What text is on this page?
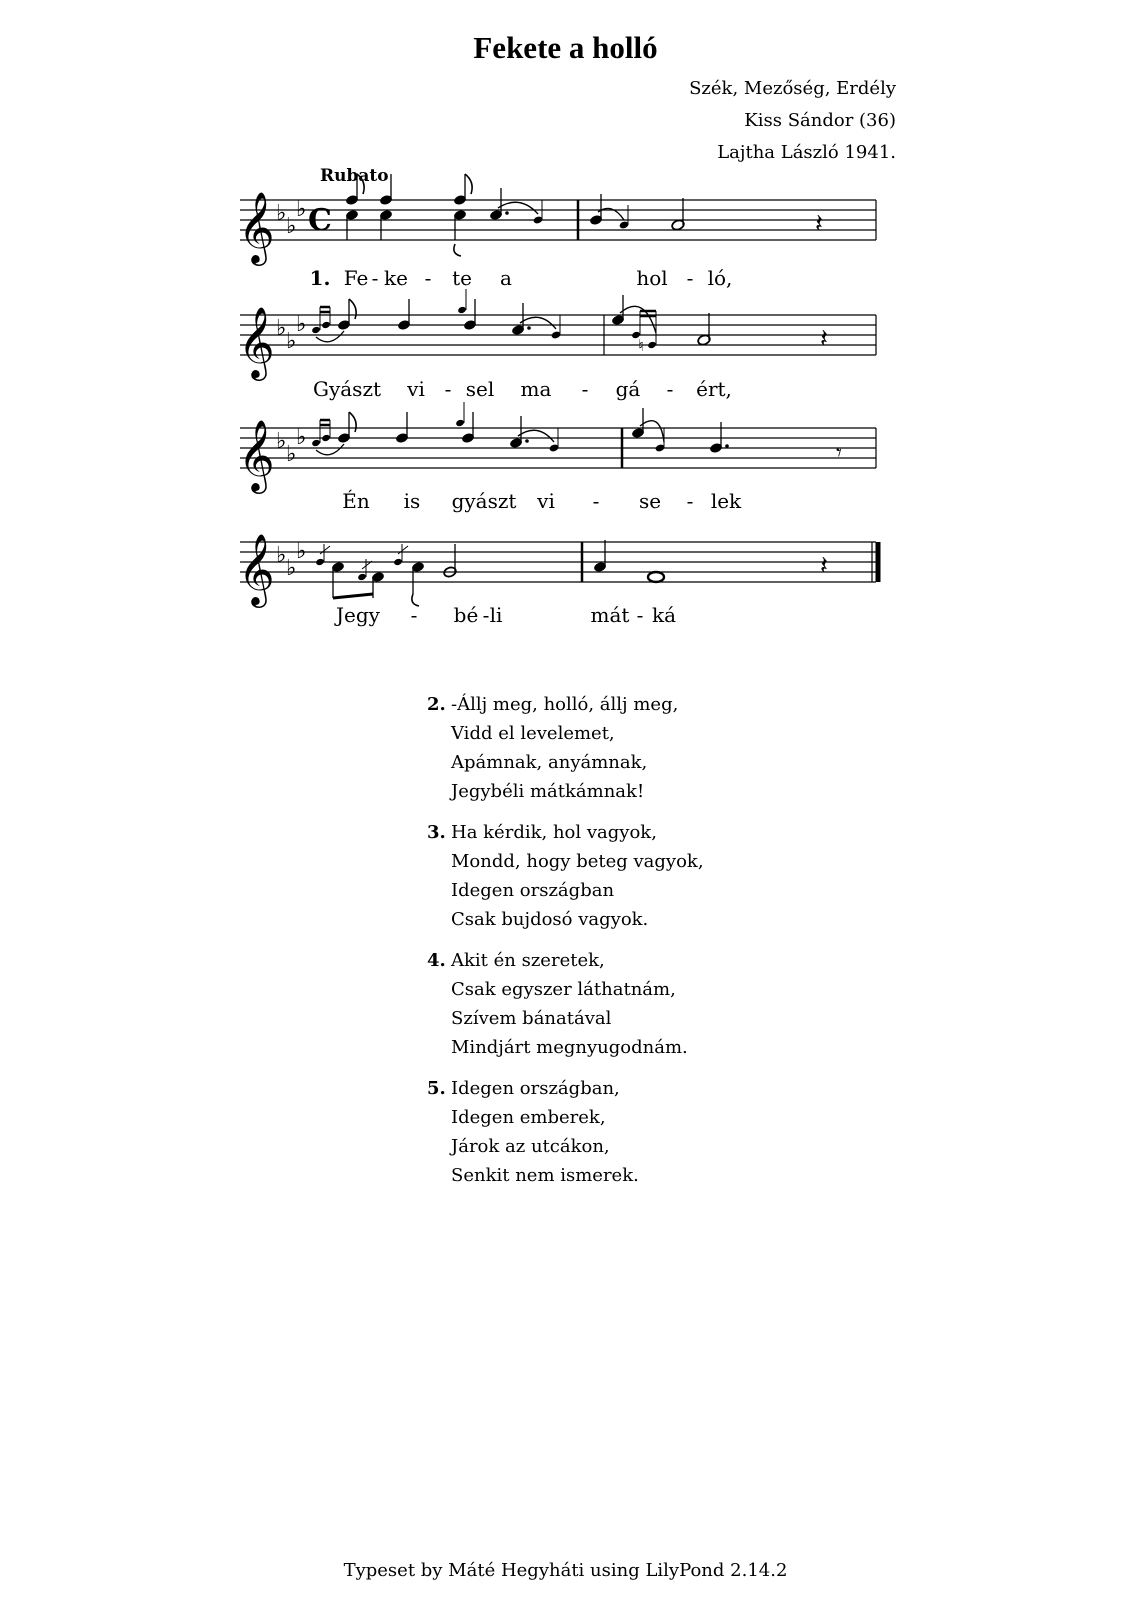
Fekete a holló
Szék, Mezőség, Erdély
Kiss Sándor (36)
Lajtha László 1941.
Rubato
𝄞 ♭
♭
♭ C	𝄽
1. Fe - ke - te a	hol - ló,
𝄞 ♭
♭
♭
♮	𝄽
Gyászt vi - sel ma - gá - ért,
𝄞 ♭
♭
♭
𝄾
Én is gyászt vi - se - lek
𝄞 ♭
♭
♭	𝄽
Jegy - bé - li	mát - ká
2. -Állj meg, holló, állj meg,
Vidd el levelemet,
Apámnak, anyámnak,
Jegybéli mátkámnak!
3. Ha kérdik, hol vagyok,
Mondd, hogy beteg vagyok,
Idegen országban
Csak bujdosó vagyok.
4. Akit én szeretek,
Csak egyszer láthatnám,
Szívem bánatával
Mindjárt megnyugodnám.
5. Idegen országban,
Idegen emberek,
Járok az utcákon,
Senkit nem ismerek.
Typeset by Máté Hegyháti using LilyPond 2.14.2
